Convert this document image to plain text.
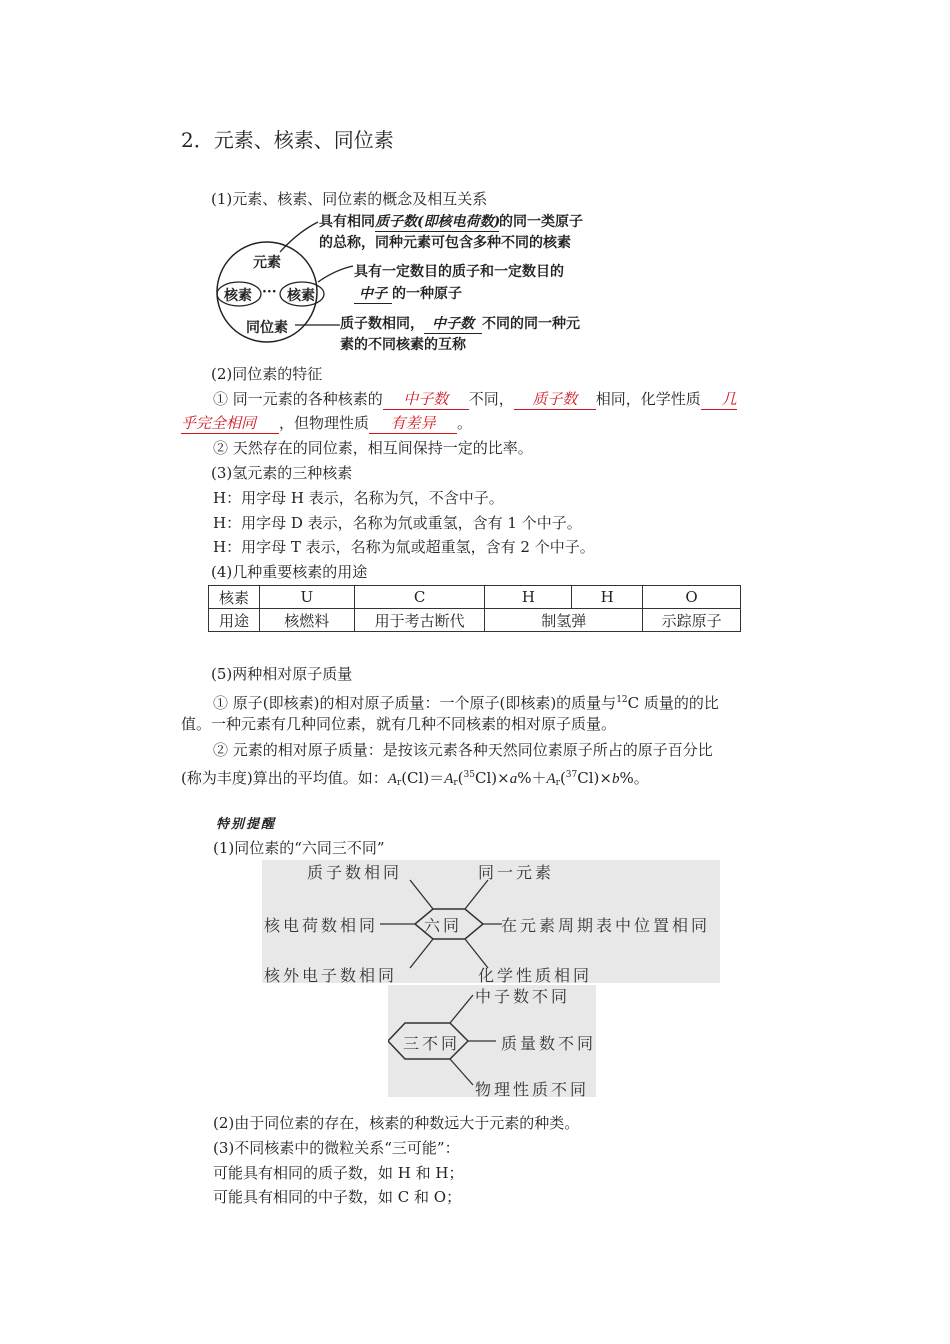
2．元素、核素、同位素
(1)元素、核素、同位素的概念及相互关系
元素
核素 ··· 核素
同位素
具有相同质子数(即核电荷数)的同一类原子
的总称，同种元素可包含多种不同的核素
具有一定数目的质子和一定数目的
中子 的一种原子
质子数相同， 中子数 不同的同一种元
素的不同核素的互称
(2)同位素的特征
① 同一元素的各种核素的 中子数 不同， 质子数 相同，化学性质 几
乎完全相同 ，但物理性质 有差异 。
② 天然存在的同位素，相互间保持一定的比率。
(3)氢元素的三种核素
H：用字母 H 表示，名称为氕，不含中子。
H：用字母 D 表示，名称为氘或重氢，含有 1 个中子。
H：用字母 T 表示，名称为氚或超重氢，含有 2 个中子。
(4)几种重要核素的用途
核素	U	C	H	H	O
用途	核燃料	用于考古断代	制氢弹		示踪原子
(5)两种相对原子质量
① 原子(即核素)的相对原子质量：一个原子(即核素)的质量与$^{12}$C 质量的的比
值。一种元素有几种同位素，就有几种不同核素的相对原子质量。
② 元素的相对原子质量：是按该元素各种天然同位素原子所占的原子百分比
(称为丰度)算出的平均值。如：$A_r(Cl)=A_r(^{35}Cl)\times a\%+A_r(^{37}Cl)\times b\%$。
特别提醒
(1)同位素的“六同三不同”
质子数相同	同一元素
核电荷数相同	六同 在元素周期表中位置相同
核外电子数相同	化学性质相同
中子数不同
三不同	质量数不同
物理性质不同
(2)由于同位素的存在，核素的种数远大于元素的种类。
(3)不同核素中的微粒关系“三可能”：
可能具有相同的质子数，如 H 和 H；
可能具有相同的中子数，如 C 和 O；
